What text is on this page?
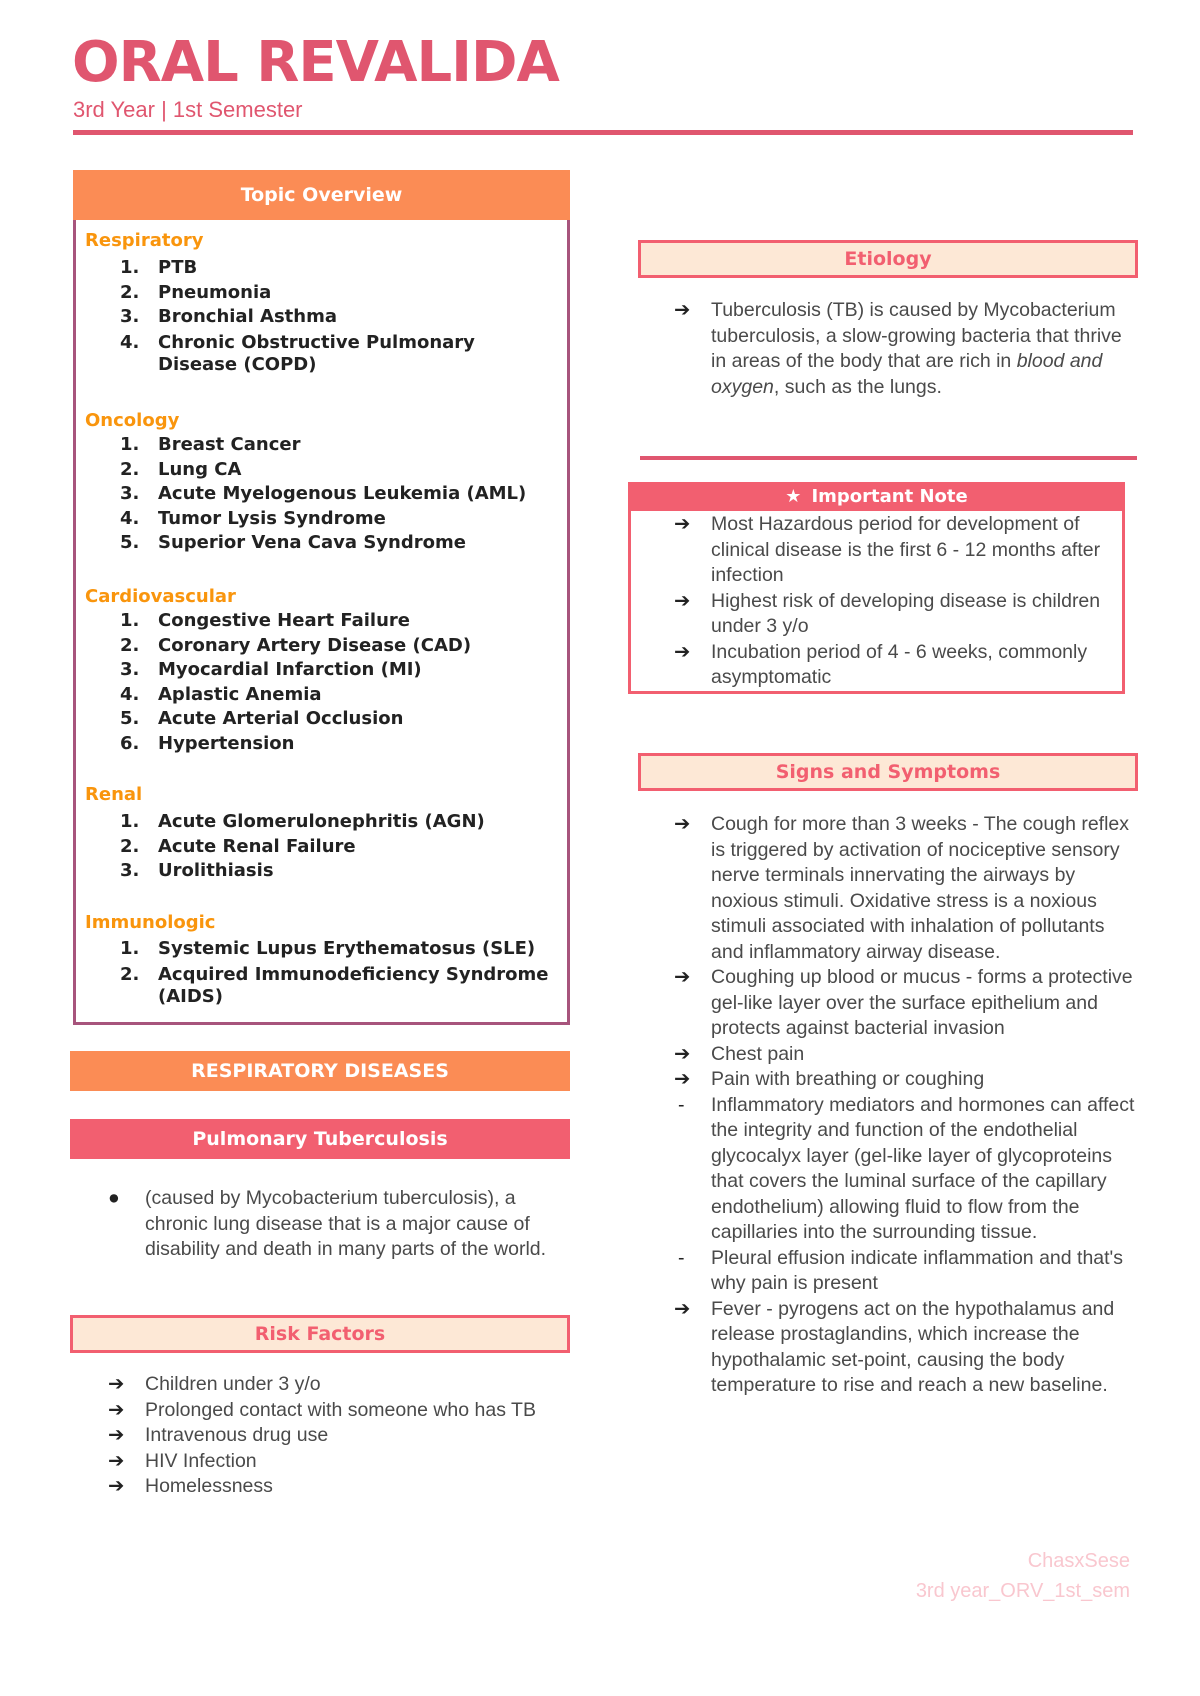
ORAL REVALIDA
3rd Year | 1st Semester
Topic Overview
Respiratory
1.	PTB
2.	Pneumonia
3.	Bronchial Asthma
4.	Chronic Obstructive Pulmonary Disease (COPD)
Oncology
1.	Breast Cancer
2.	Lung CA
3.	Acute Myelogenous Leukemia (AML)
4.	Tumor Lysis Syndrome
5.	Superior Vena Cava Syndrome
Cardiovascular
1.	Congestive Heart Failure
2.	Coronary Artery Disease (CAD)
3.	Myocardial Infarction (MI)
4.	Aplastic Anemia
5.	Acute Arterial Occlusion
6.	Hypertension
Renal
1.	Acute Glomerulonephritis (AGN)
2.	Acute Renal Failure
3.	Urolithiasis
Immunologic
1.	Systemic Lupus Erythematosus (SLE)
2.	Acquired Immunodeficiency Syndrome (AIDS)
RESPIRATORY DISEASES
Pulmonary Tuberculosis
●	(caused by Mycobacterium tuberculosis), a chronic lung disease that is a major cause of disability and death in many parts of the world.
Risk Factors
➔	Children under 3 y/o
➔	Prolonged contact with someone who has TB
➔	Intravenous drug use
➔	HIV Infection
➔	Homelessness
Etiology
➔	Tuberculosis (TB) is caused by Mycobacterium tuberculosis, a slow-growing bacteria that thrive in areas of the body that are rich in blood and oxygen, such as the lungs.
★ Important Note
➔	Most Hazardous period for development of clinical disease is the first 6 - 12 months after infection
➔	Highest risk of developing disease is children under 3 y/o
➔	Incubation period of 4 - 6 weeks, commonly asymptomatic
Signs and Symptoms
➔	Cough for more than 3 weeks - The cough reflex is triggered by activation of nociceptive sensory nerve terminals innervating the airways by noxious stimuli. Oxidative stress is a noxious stimuli associated with inhalation of pollutants and inflammatory airway disease.
➔	Coughing up blood or mucus - forms a protective gel-like layer over the surface epithelium and protects against bacterial invasion
➔	Chest pain
➔	Pain with breathing or coughing
-	Inflammatory mediators and hormones can affect the integrity and function of the endothelial glycocalyx layer (gel-like layer of glycoproteins that covers the luminal surface of the capillary endothelium) allowing fluid to flow from the capillaries into the surrounding tissue.
-	Pleural effusion indicate inflammation and that's why pain is present
➔	Fever - pyrogens act on the hypothalamus and release prostaglandins, which increase the hypothalamic set-point, causing the body temperature to rise and reach a new baseline.
ChasxSese
3rd year_ORV_1st_sem
